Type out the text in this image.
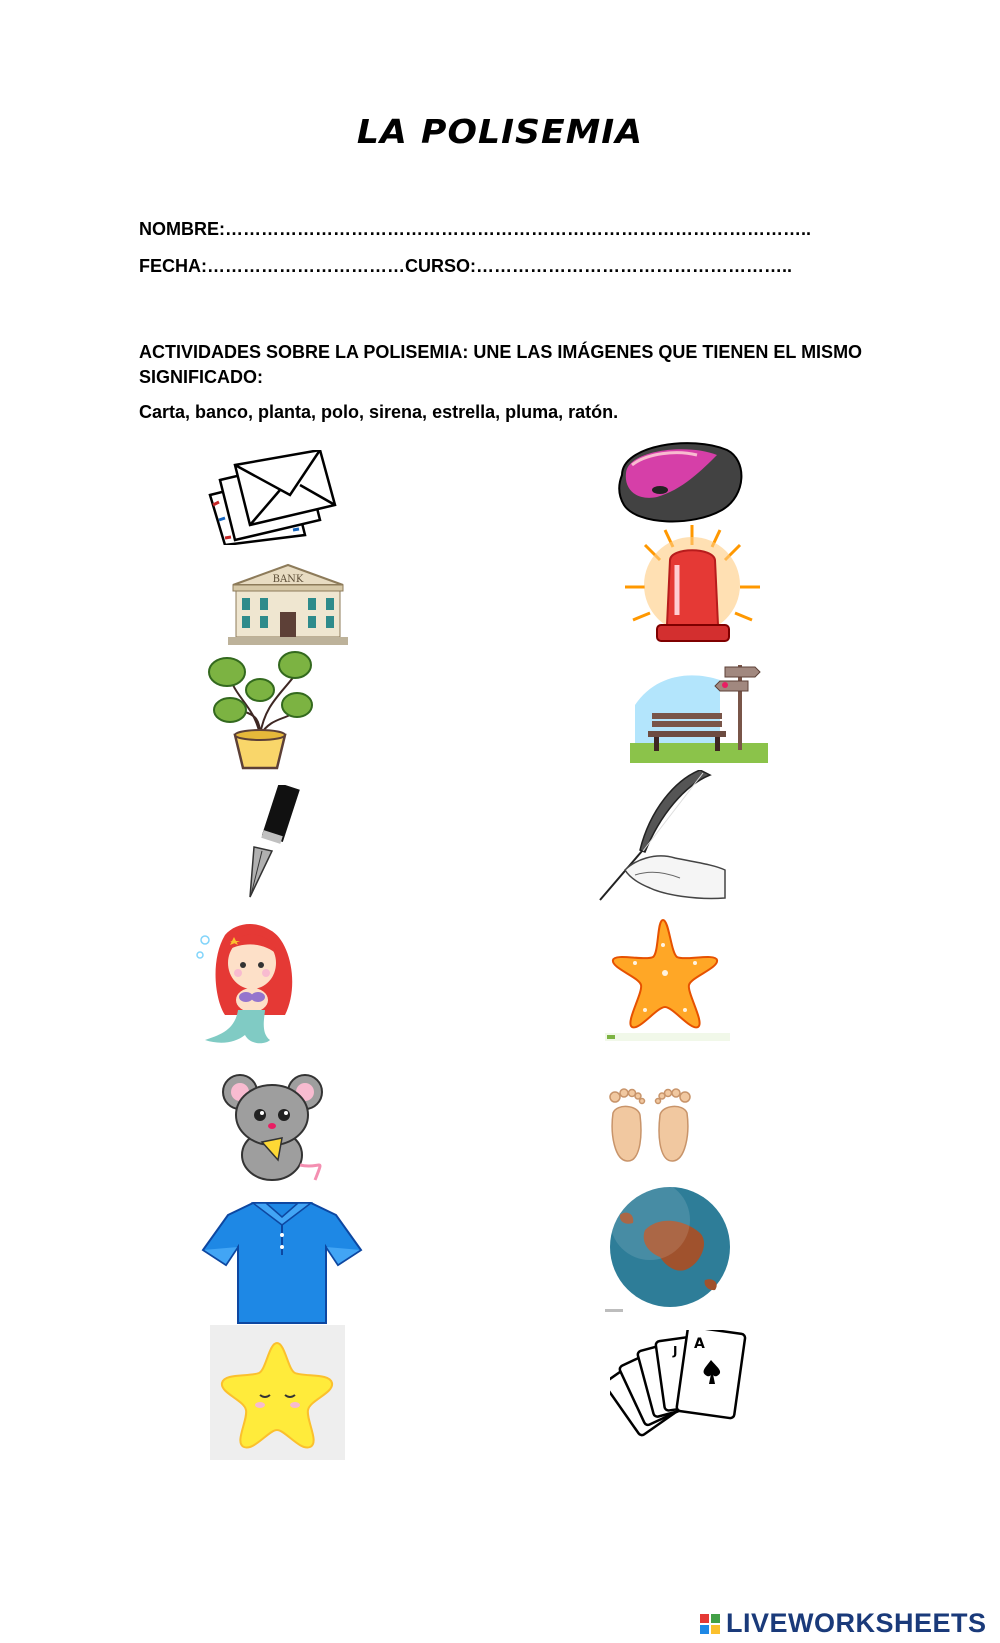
LA POLISEMIA
NOMBRE:……………………………………………………………………………………..
FECHA:……………………………CURSO:……………………………………………..
ACTIVIDADES SOBRE LA POLISEMIA: UNE LAS IMÁGENES QUE TIENEN EL MISMO SIGNIFICADO:
Carta, banco, planta, polo, sirena, estrella, pluma, ratón.
BANK
A
J
LIVEWORKSHEETS
